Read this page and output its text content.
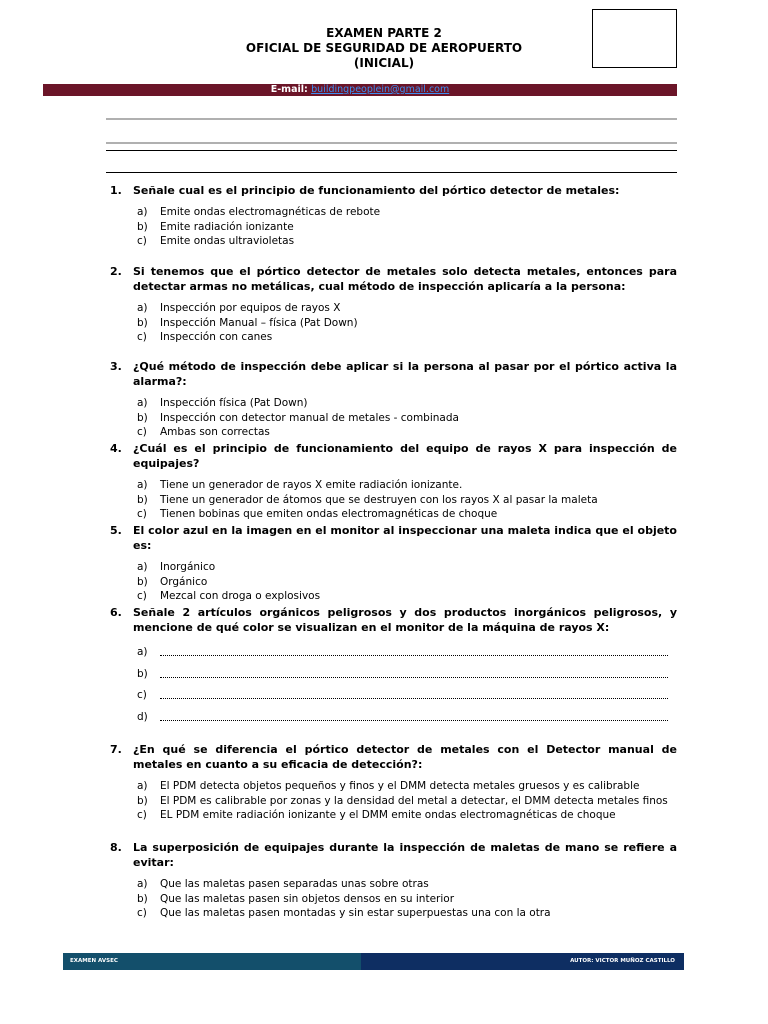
EXAMEN PARTE 2
OFICIAL DE SEGURIDAD DE AEROPUERTO
(INICIAL)
E-mail: buildingpeoplein@gmail.com
1.	Señale cual es el principio de funcionamiento del pórtico detector de metales:
a)	Emite ondas electromagnéticas de rebote
b)	Emite radiación ionizante
c)	Emite ondas ultravioletas
2.	Si tenemos que el pórtico detector de metales solo detecta metales, entonces para detectar armas no metálicas, cual método de inspección aplicaría a la persona:
a)	Inspección por equipos de rayos X
b)	Inspección Manual – física (Pat Down)
c)	Inspección con canes
3.	¿Qué método de inspección debe aplicar si la persona al pasar por el pórtico activa la alarma?:
a)	Inspección física (Pat Down)
b)	Inspección con detector manual de metales - combinada
c)	Ambas son correctas
4.	¿Cuál es el principio de funcionamiento del equipo de rayos X para inspección de equipajes?
a)	Tiene un generador de rayos X emite radiación ionizante.
b)	Tiene un generador de átomos que se destruyen con los rayos X al pasar la maleta
c)	Tienen bobinas que emiten ondas electromagnéticas de choque
5.	El color azul en la imagen en el monitor al inspeccionar una maleta indica que el objeto es:
a)	Inorgánico
b)	Orgánico
c)	Mezcal con droga o explosivos
6.	Señale 2 artículos orgánicos peligrosos y dos productos inorgánicos peligrosos, y mencione de qué color se visualizan en el monitor de la máquina de rayos X:
a)
b)
c)
d)
7.	¿En qué se diferencia el pórtico detector de metales con el Detector manual de metales en cuanto a su eficacia de detección?:
a)	El PDM detecta objetos pequeños y finos y el DMM detecta metales gruesos y es calibrable
b)	El PDM es calibrable por zonas y la densidad del metal a detectar, el DMM detecta metales finos
c)	EL PDM emite radiación ionizante y el DMM emite ondas electromagnéticas de choque
8.	La superposición de equipajes durante la inspección de maletas de mano se refiere a evitar:
a)	Que las maletas pasen separadas unas sobre otras
b)	Que las maletas pasen sin objetos densos en su interior
c)	Que las maletas pasen montadas y sin estar superpuestas una con la otra
EXAMEN AVSEC	AUTOR: VICTOR MUÑOZ CASTILLO
